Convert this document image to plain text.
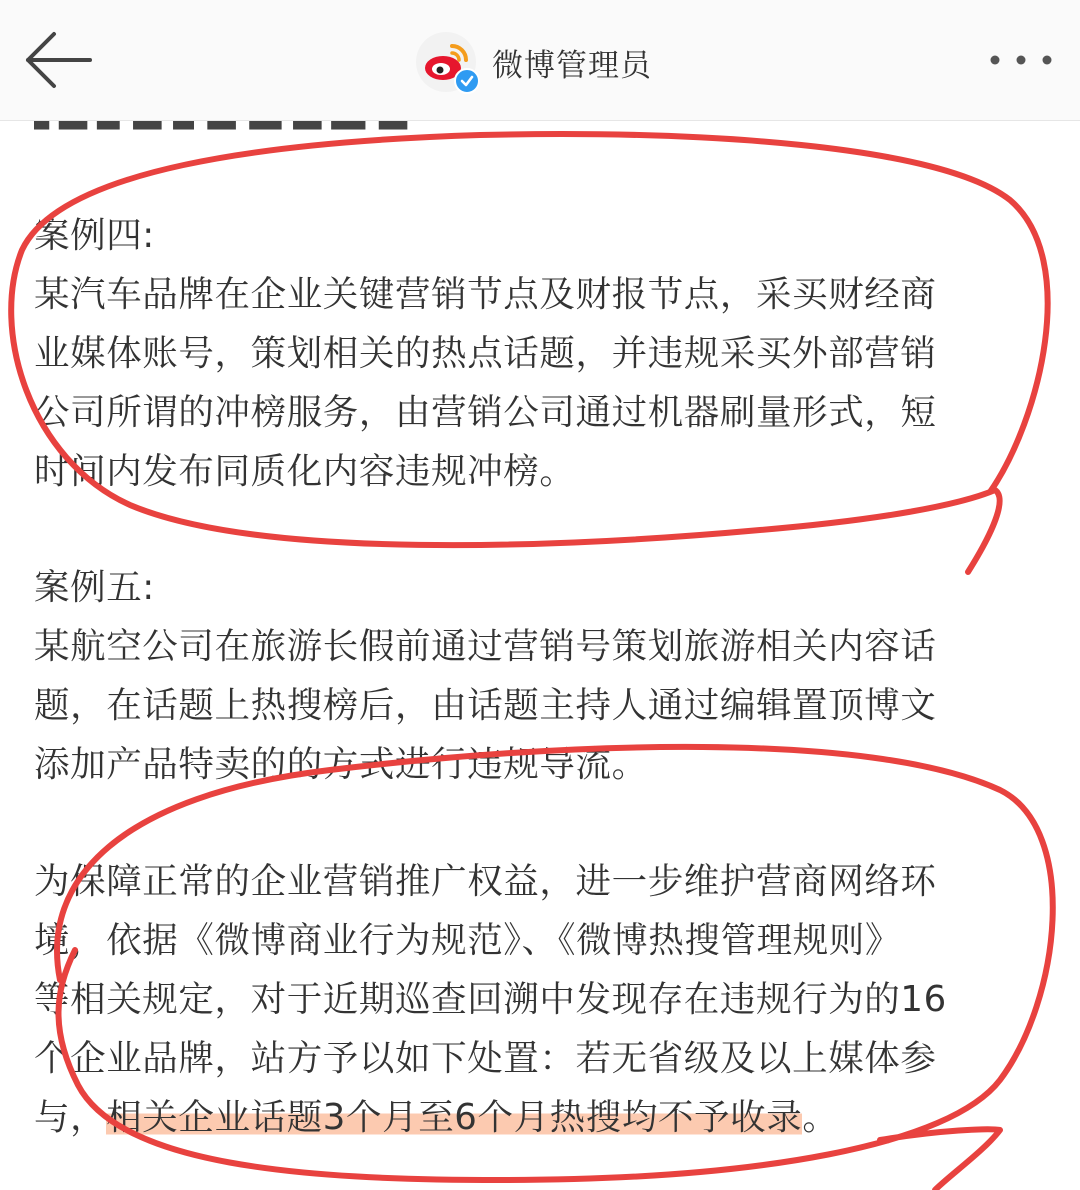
微博管理员
案例四:
某汽车品牌在企业关键营销节点及财报节点，采买财经商
业媒体账号，策划相关的热点话题，并违规采买外部营销
公司所谓的冲榜服务，由营销公司通过机器刷量形式，短
时间内发布同质化内容违规冲榜。
案例五:
某航空公司在旅游长假前通过营销号策划旅游相关内容话
题，在话题上热搜榜后，由话题主持人通过编辑置顶博文
添加产品特卖的的方式进行违规导流。
为保障正常的企业营销推广权益，进一步维护营商网络环
境，依据《微博商业行为规范》、《微博热搜管理规则》
等相关规定，对于近期巡查回溯中发现存在违规行为的16
个企业品牌，站方予以如下处置：若无省级及以上媒体参
与，相关企业话题3个月至6个月热搜均不予收录。
